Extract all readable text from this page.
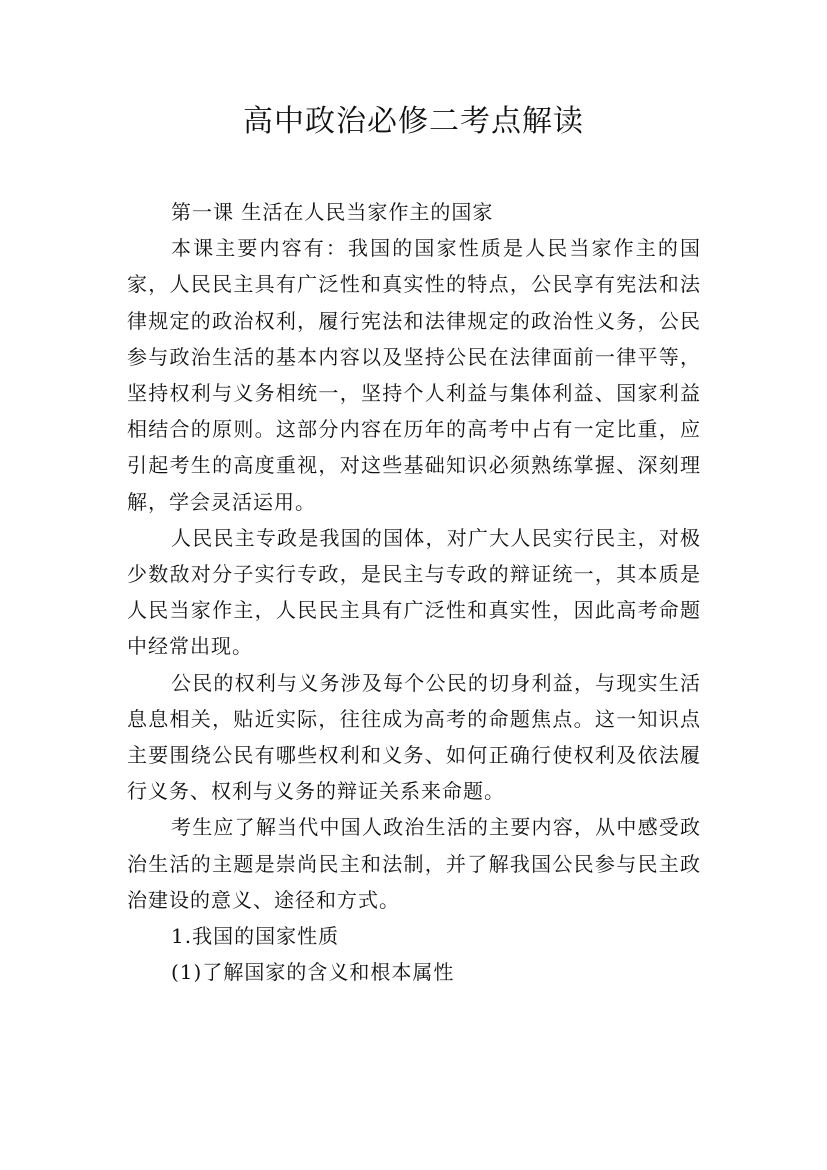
高中政治必修二考点解读

第一课 生活在人民当家作主的国家

本课主要内容有：我国的国家性质是人民当家作主的国家，人民民主具有广泛性和真实性的特点，公民享有宪法和法律规定的政治权利，履行宪法和法律规定的政治性义务，公民参与政治生活的基本内容以及坚持公民在法律面前一律平等，坚持权利与义务相统一，坚持个人利益与集体利益、国家利益相结合的原则。这部分内容在历年的高考中占有一定比重，应引起考生的高度重视，对这些基础知识必须熟练掌握、深刻理解，学会灵活运用。

人民民主专政是我国的国体，对广大人民实行民主，对极少数敌对分子实行专政，是民主与专政的辩证统一，其本质是人民当家作主，人民民主具有广泛性和真实性，因此高考命题中经常出现。

公民的权利与义务涉及每个公民的切身利益，与现实生活息息相关，贴近实际，往往成为高考的命题焦点。这一知识点主要围绕公民有哪些权利和义务、如何正确行使权利及依法履行义务、权利与义务的辩证关系来命题。

考生应了解当代中国人政治生活的主要内容，从中感受政治生活的主题是崇尚民主和法制，并了解我国公民参与民主政治建设的意义、途径和方式。

1.我国的国家性质

(1)了解国家的含义和根本属性
